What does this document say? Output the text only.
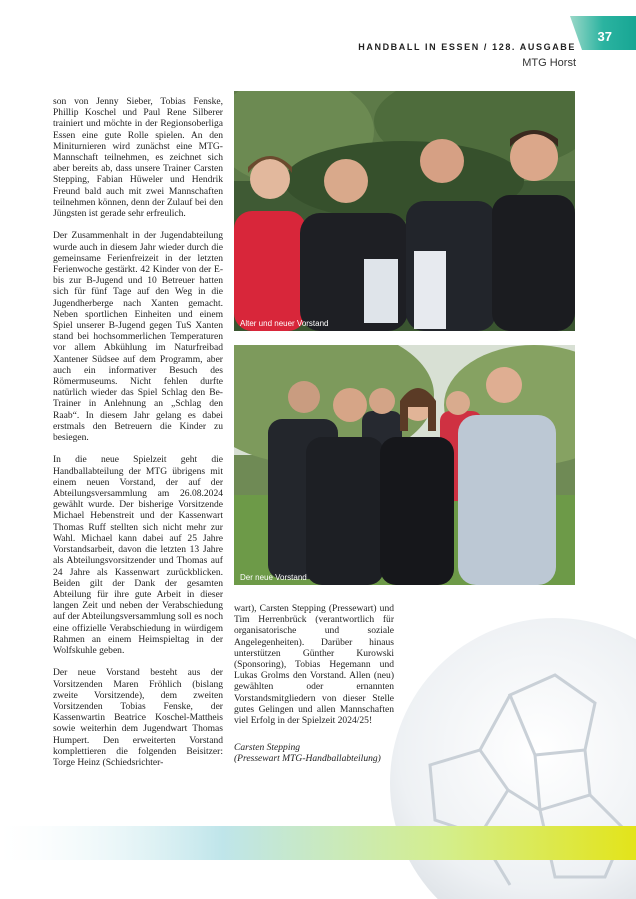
37
HANDBALL IN ESSEN / 128. AUSGABE
MTG Horst

son von Jenny Sieber, Tobias Fenske, Phillip Koschel und Paul Rene Silberer trainiert und möchte in der Regionsoberliga Essen eine gute Rolle spielen. An den Miniturnieren wird zunächst eine MTG-Mannschaft teilnehmen, es zeichnet sich aber bereits ab, dass unsere Trainer Carsten Stepping, Fabian Hüweler und Hendrik Freund bald auch mit zwei Mannschaften teilnehmen können, denn der Zulauf bei den Jüngsten ist gerade sehr erfreulich.

Der Zusammenhalt in der Jugendabteilung wurde auch in diesem Jahr wieder durch die gemeinsame Ferienfreizeit in der letzten Ferienwoche gestärkt. 42 Kinder von der E- bis zur B-Jugend und 10 Betreuer hatten sich für fünf Tage auf den Weg in die Jugendherberge nach Xanten gemacht. Neben sportlichen Einheiten und einem Spiel unserer B-Jugend gegen TuS Xanten stand bei hochsommerlichen Temperaturen vor allem Abkühlung im Naturfreibad Xantener Südsee auf dem Programm, aber auch ein informativer Besuch des Römermuseums. Nicht fehlen durfte natürlich wieder das Spiel Schlag den Be-Trainer in Anlehnung an „Schlag den Raab“. In diesem Jahr gelang es dabei erstmals den Betreuern die Kinder zu besiegen.

In die neue Spielzeit geht die Handballabteilung der MTG übrigens mit einem neuen Vorstand, der auf der Abteilungsversammlung am 26.08.2024 gewählt wurde. Der bisherige Vorsitzende Michael Hebenstreit und der Kassenwart Thomas Ruff stellten sich nicht mehr zur Wahl. Michael kann dabei auf 25 Jahre Vorstandsarbeit, davon die letzten 13 Jahre als Abteilungsvorsitzender und Thomas auf 24 Jahre als Kassenwart zurückblicken. Beiden gilt der Dank der gesamten Abteilung für ihre gute Arbeit in dieser langen Zeit und neben der Verabschiedung auf der Abteilungsversammlung soll es noch eine offizielle Verabschiedung in würdigem Rahmen an einem Heimspieltag in der Wolfskuhle geben.

Der neue Vorstand besteht aus der Vorsitzenden Maren Fröhlich (bislang zweite Vorsitzende), dem zweiten Vorsitzenden Tobias Fenske, der Kassenwartin Beatrice Koschel-Mattheis sowie weiterhin dem Jugendwart Thomas Humpert. Den erweiterten Vorstand komplettieren die folgenden Beisitzer: Torge Heinz (Schiedsrichter-

Alter und neuer Vorstand
Der neue Vorstand

wart), Carsten Stepping (Pressewart) und Tim Herrenbrück (verantwortlich für organisatorische und soziale Angelegenheiten). Darüber hinaus unterstützen Günther Kurowski (Sponsoring), Tobias Hegemann und Lukas Grolms den Vorstand. Allen (neu) gewählten oder ernannten Vorstandsmitgliedern von dieser Stelle gutes Gelingen und allen Mannschaften viel Erfolg in der Spielzeit 2024/25!

Carsten Stepping

(Pressewart MTG-Handballabteilung)
